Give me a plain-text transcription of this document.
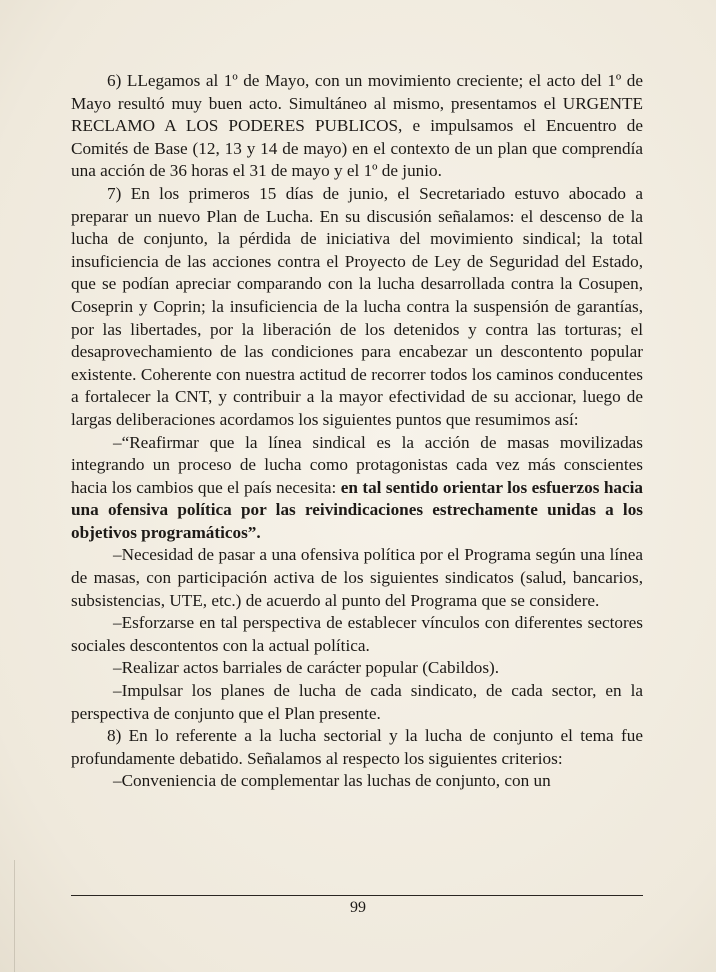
6) LLegamos al 1º de Mayo, con un movimiento creciente; el acto del 1º de Mayo resultó muy buen acto. Simultáneo al mismo, presentamos el URGENTE RECLAMO A LOS PODERES PUBLICOS, e impulsamos el Encuentro de Comités de Base (12, 13 y 14 de mayo) en el contexto de un plan que comprendía una acción de 36 horas el 31 de mayo y el 1º de junio.

7) En los primeros 15 días de junio, el Secretariado estuvo abocado a preparar un nuevo Plan de Lucha. En su discusión señalamos: el descenso de la lucha de conjunto, la pérdida de iniciativa del movimiento sindical; la total insuficiencia de las acciones contra el Proyecto de Ley de Seguridad del Estado, que se podían apreciar comparando con la lucha desarrollada contra la Cosupen, Coseprin y Coprin; la insuficiencia de la lucha contra la suspensión de garantías, por las libertades, por la liberación de los detenidos y contra las torturas; el desaprovechamiento de las condiciones para encabezar un descontento popular existente. Coherente con nuestra actitud de recorrer todos los caminos conducentes a fortalecer la CNT, y contribuir a la mayor efectividad de su accionar, luego de largas deliberaciones acordamos los siguientes puntos que resumimos así:

–“Reafirmar que la línea sindical es la acción de masas movilizadas integrando un proceso de lucha como protagonistas cada vez más conscientes hacia los cambios que el país necesita: en tal sentido orientar los esfuerzos hacia una ofensiva política por las reivindicaciones estrechamente unidas a los objetivos programáticos”.

–Necesidad de pasar a una ofensiva política por el Programa según una línea de masas, con participación activa de los siguientes sindicatos (salud, bancarios, subsistencias, UTE, etc.) de acuerdo al punto del Programa que se considere.

–Esforzarse en tal perspectiva de establecer vínculos con diferentes sectores sociales descontentos con la actual política.

–Realizar actos barriales de carácter popular (Cabildos).

–Impulsar los planes de lucha de cada sindicato, de cada sector, en la perspectiva de conjunto que el Plan presente.

8) En lo referente a la lucha sectorial y la lucha de conjunto el tema fue profundamente debatido. Señalamos al respecto los siguientes criterios:

–Conveniencia de complementar las luchas de conjunto, con un

99
